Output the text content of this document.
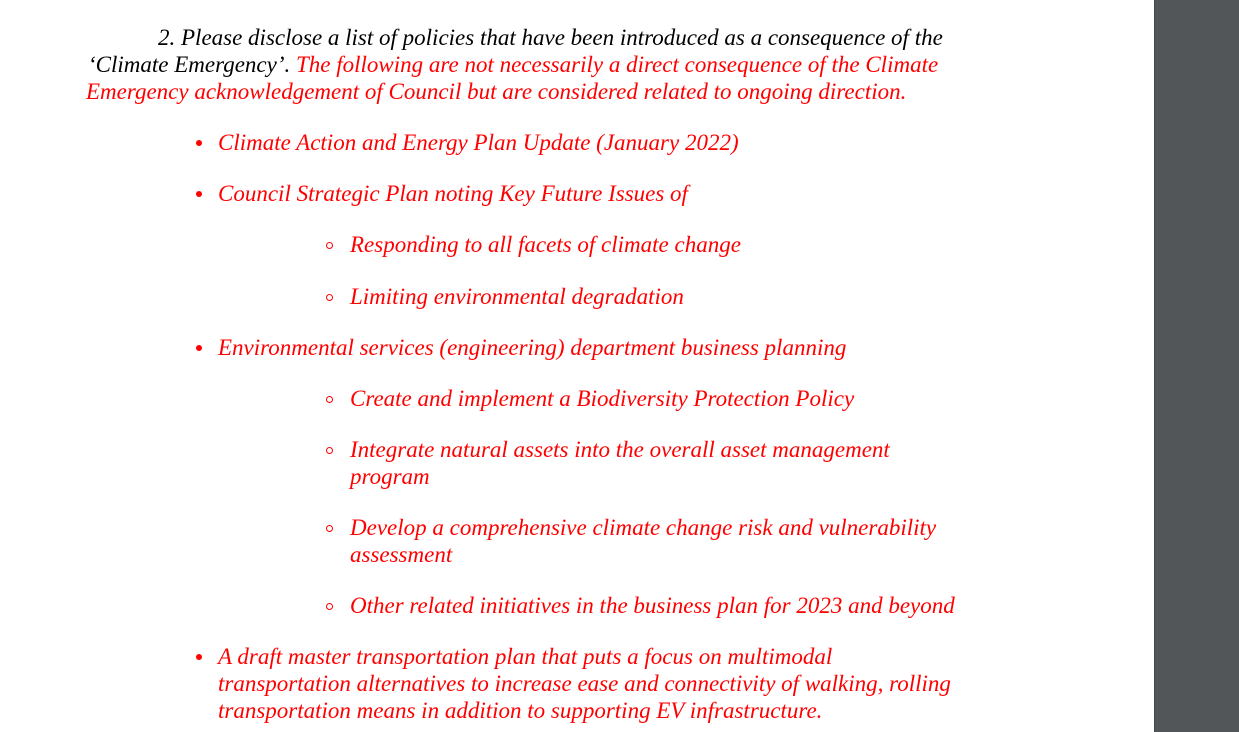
2. Please disclose a list of policies that have been introduced as a consequence of the

‘Climate Emergency’. The following are not necessarily a direct consequence of the Climate

Emergency acknowledgement of Council but are considered related to ongoing direction.

Climate Action and Energy Plan Update (January 2022)

Council Strategic Plan noting Key Future Issues of

Responding to all facets of climate change

Limiting environmental degradation

Environmental services (engineering) department business planning

Create and implement a Biodiversity Protection Policy

Integrate natural assets into the overall asset management

program

Develop a comprehensive climate change risk and vulnerability

assessment

Other related initiatives in the business plan for 2023 and beyond

A draft master transportation plan that puts a focus on multimodal

transportation alternatives to increase ease and connectivity of walking, rolling

transportation means in addition to supporting EV infrastructure.
